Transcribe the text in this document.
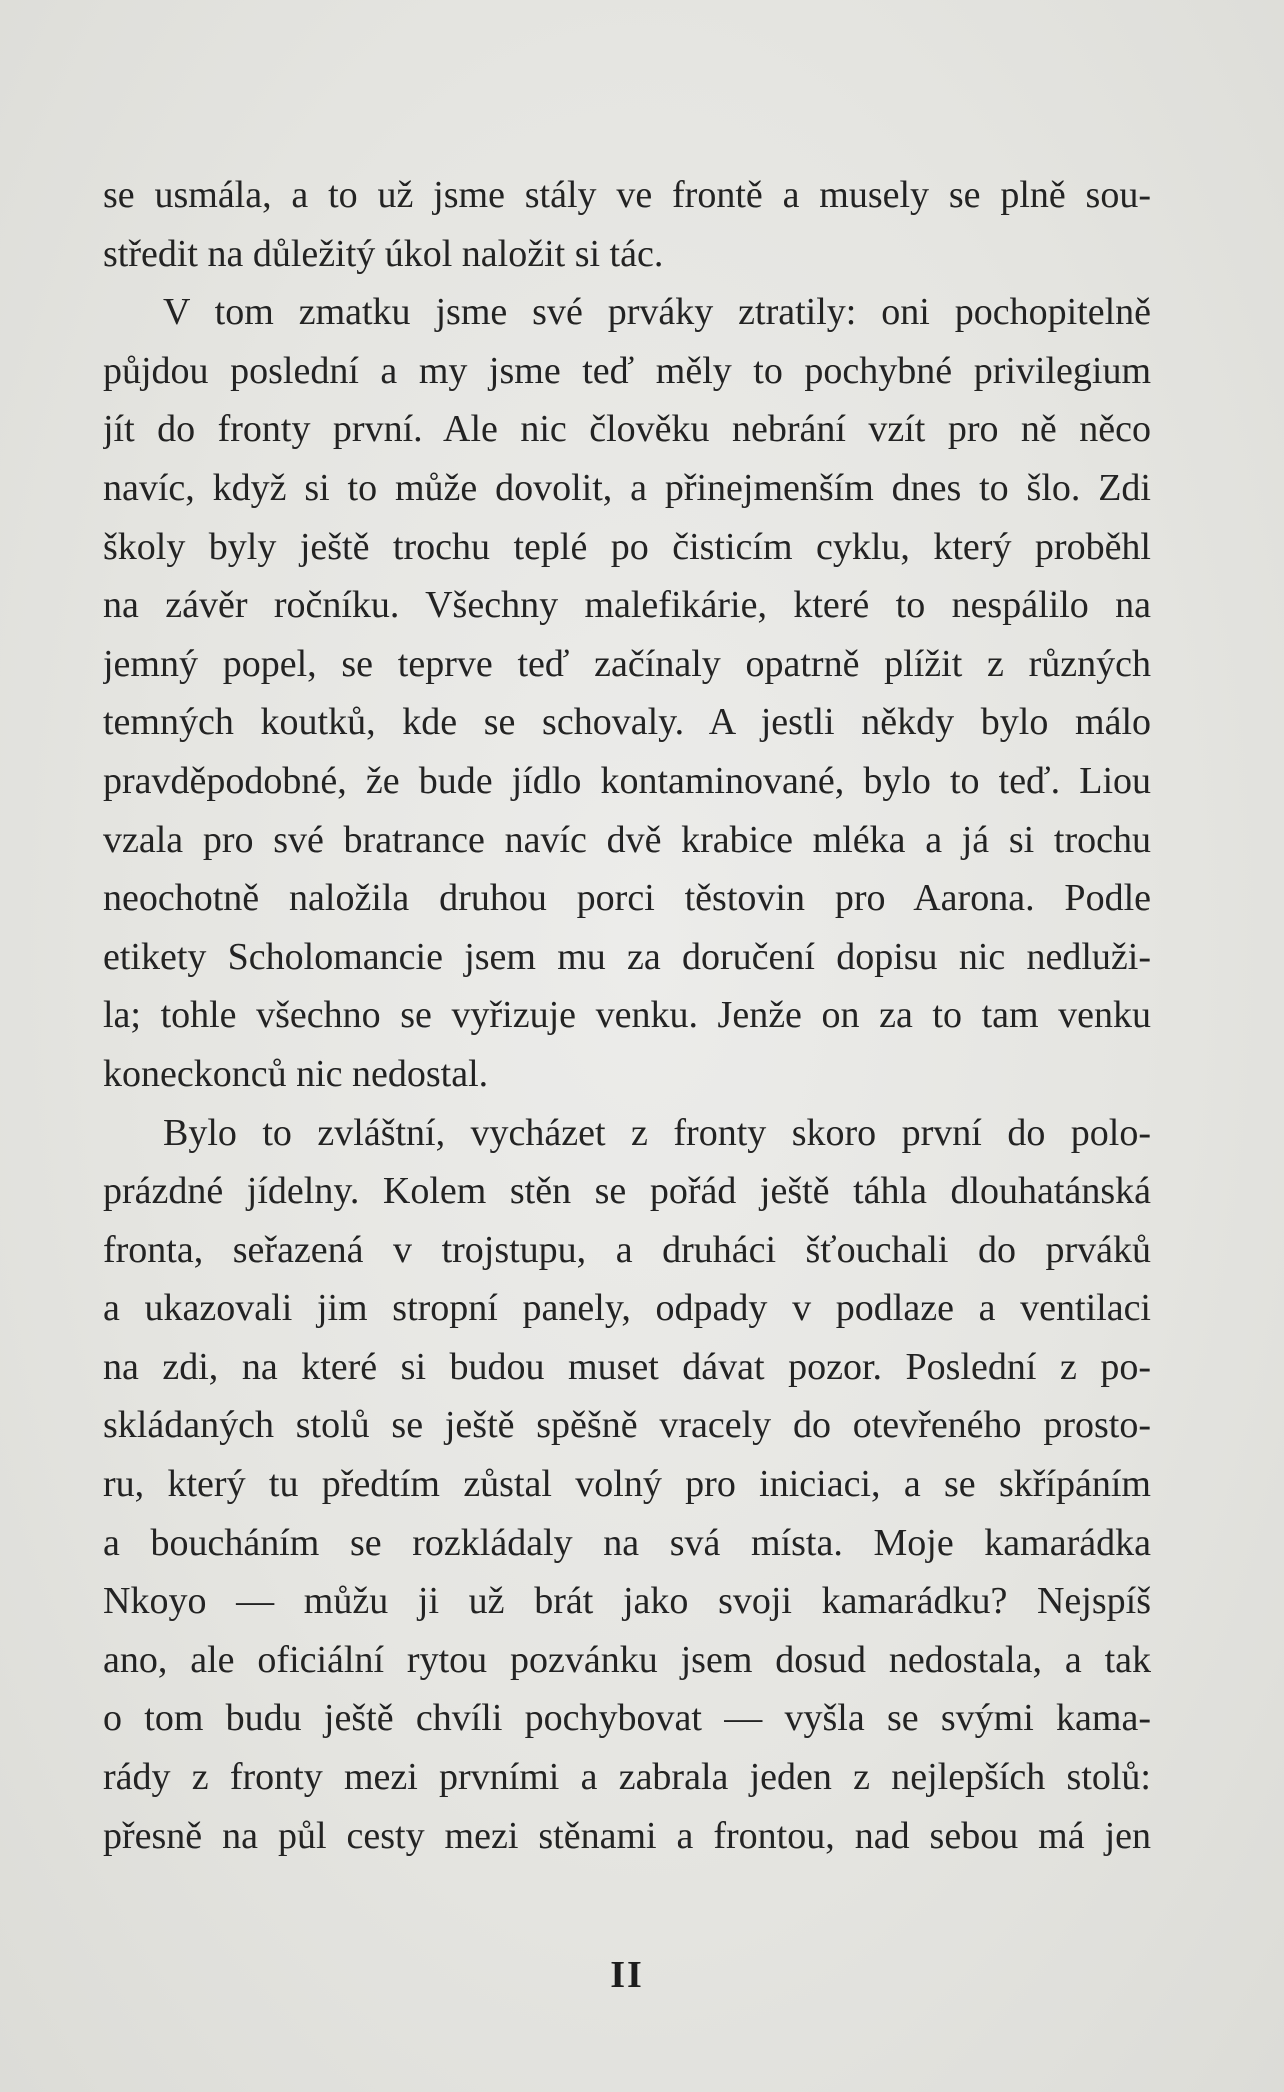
se usmála, a to už jsme stály ve frontě a musely se plně sou-
středit na důležitý úkol naložit si tác.
V tom zmatku jsme své prváky ztratily: oni pochopitelně
půjdou poslední a my jsme teď měly to pochybné privilegium
jít do fronty první. Ale nic člověku nebrání vzít pro ně něco
navíc, když si to může dovolit, a přinejmenším dnes to šlo. Zdi
školy byly ještě trochu teplé po čisticím cyklu, který proběhl
na závěr ročníku. Všechny malefikárie, které to nespálilo na
jemný popel, se teprve teď začínaly opatrně plížit z různých
temných koutků, kde se schovaly. A jestli někdy bylo málo
pravděpodobné, že bude jídlo kontaminované, bylo to teď. Liou
vzala pro své bratrance navíc dvě krabice mléka a já si trochu
neochotně naložila druhou porci těstovin pro Aarona. Podle
etikety Scholomancie jsem mu za doručení dopisu nic nedluži-
la; tohle všechno se vyřizuje venku. Jenže on za to tam venku
koneckonců nic nedostal.
Bylo to zvláštní, vycházet z fronty skoro první do polo-
prázdné jídelny. Kolem stěn se pořád ještě táhla dlouhatánská
fronta, seřazená v trojstupu, a druháci šťouchali do prváků
a ukazovali jim stropní panely, odpady v podlaze a ventilaci
na zdi, na které si budou muset dávat pozor. Poslední z po-
skládaných stolů se ještě spěšně vracely do otevřeného prosto-
ru, který tu předtím zůstal volný pro iniciaci, a se skřípáním
a boucháním se rozkládaly na svá místa. Moje kamarádka
Nkoyo — můžu ji už brát jako svoji kamarádku? Nejspíš
ano, ale oficiální rytou pozvánku jsem dosud nedostala, a tak
o tom budu ještě chvíli pochybovat — vyšla se svými kama-
rády z fronty mezi prvními a zabrala jeden z nejlepších stolů:
přesně na půl cesty mezi stěnami a frontou, nad sebou má jen
II
